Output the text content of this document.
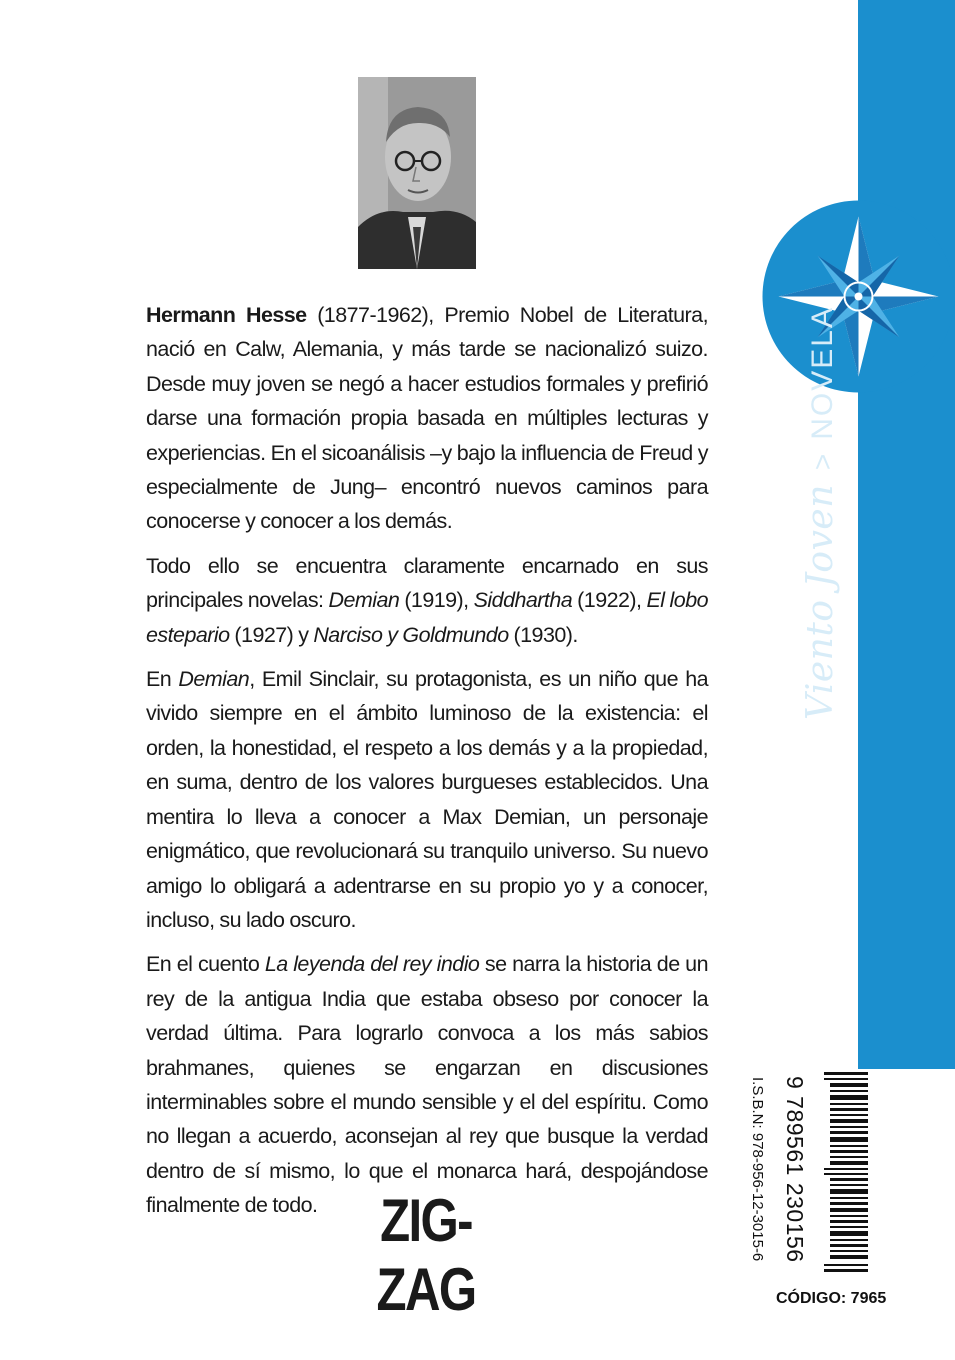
Hermann Hesse (1877-1962), Premio Nobel de Literatura, nació en Calw, Alemania, y más tarde se nacionalizó suizo. Desde muy joven se negó a hacer estudios formales y prefirió darse una formación propia basada en múltiples lecturas y experiencias. En el sicoanálisis –y bajo la influencia de Freud y especialmente de Jung– encontró nuevos caminos para conocerse y conocer a los demás.

Todo ello se encuentra claramente encarnado en sus principales novelas: Demian (1919), Siddhartha (1922), El lobo estepario (1927) y Narciso y Goldmundo (1930).

En Demian, Emil Sinclair, su protagonista, es un niño que ha vivido siempre en el ámbito luminoso de la existencia: el orden, la honestidad, el respeto a los demás y a la propiedad, en suma, dentro de los valores burgueses establecidos. Una mentira lo lleva a conocer a Max Demian, un personaje enigmático, que revolucionará su tranquilo universo. Su nuevo amigo lo obligará a adentrarse en su propio yo y a conocer, incluso, su lado oscuro.

En el cuento La leyenda del rey indio se narra la historia de un rey de la antigua India que estaba obseso por conocer la verdad última. Para lograrlo convoca a los más sabios brahmanes, quienes se engarzan en discusiones interminables sobre el mundo sensible y el del espíritu. Como no llegan a acuerdo, aconsejan al rey que busque la verdad dentro de sí mismo, lo que el monarca hará, despojándose finalmente de todo.	ZIG-ZAG
Viento Joven>NOVELA
I.S.B.N: 978-956-12-3015-6 9 789561 230156
CÓDIGO: 7965
